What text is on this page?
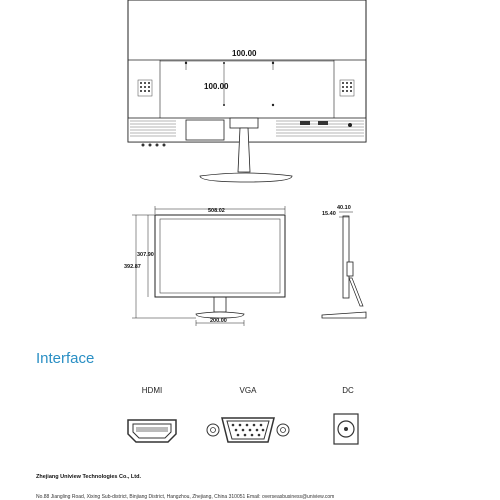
100.00
100.00
508.02
307.90
392.87
200.00
40.10
15.40
Interface
HDMI	VGA	DC
Zhejiang Uniview Technologies Co., Ltd.
No.88 Jiangling Road, Xixing Sub-district, Binjiang District, Hangzhou, Zhejiang, China 310051 Email: overseasbusiness@uniview.com
